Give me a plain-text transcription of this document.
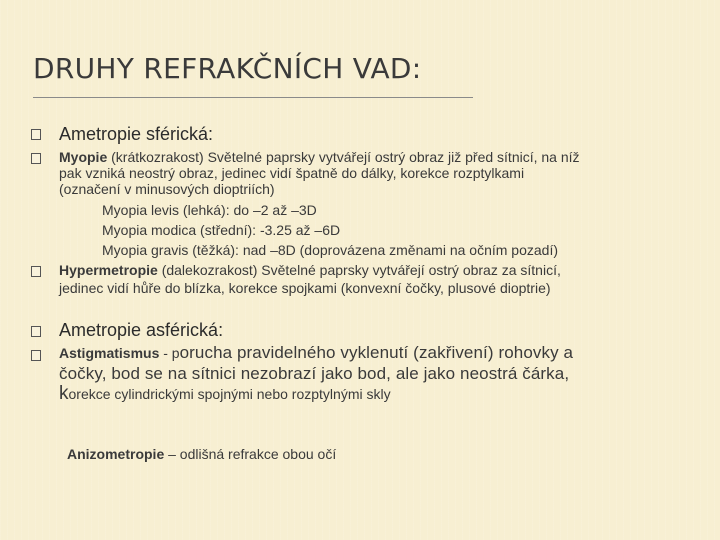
DRUHY REFRAKČNÍCH VAD:
Ametropie sférická:
Myopie (krátkozrakost) Světelné paprsky vytvářejí ostrý obraz již před sítnicí, na níž
pak vzniká neostrý obraz, jedinec vidí špatně do dálky, korekce rozptylkami
(označení v minusových dioptriích)
Myopia levis (lehká): do –2 až –3D
Myopia modica (střední): -3.25 až –6D
Myopia gravis (těžká): nad –8D (doprovázena změnami na očním pozadí)
Hypermetropie (dalekozrakost) Světelné paprsky vytvářejí ostrý obraz za sítnicí,
jedinec vidí hůře do blízka, korekce spojkami (konvexní čočky, plusové dioptrie)
Ametropie asférická:
Astigmatismus - porucha pravidelného vyklenutí (zakřivení) rohovky a
čočky, bod se na sítnici nezobrazí jako bod, ale jako neostrá čárka,
korekce cylindrickými spojnými nebo rozptylnými skly
Anizometropie – odlišná refrakce obou očí
